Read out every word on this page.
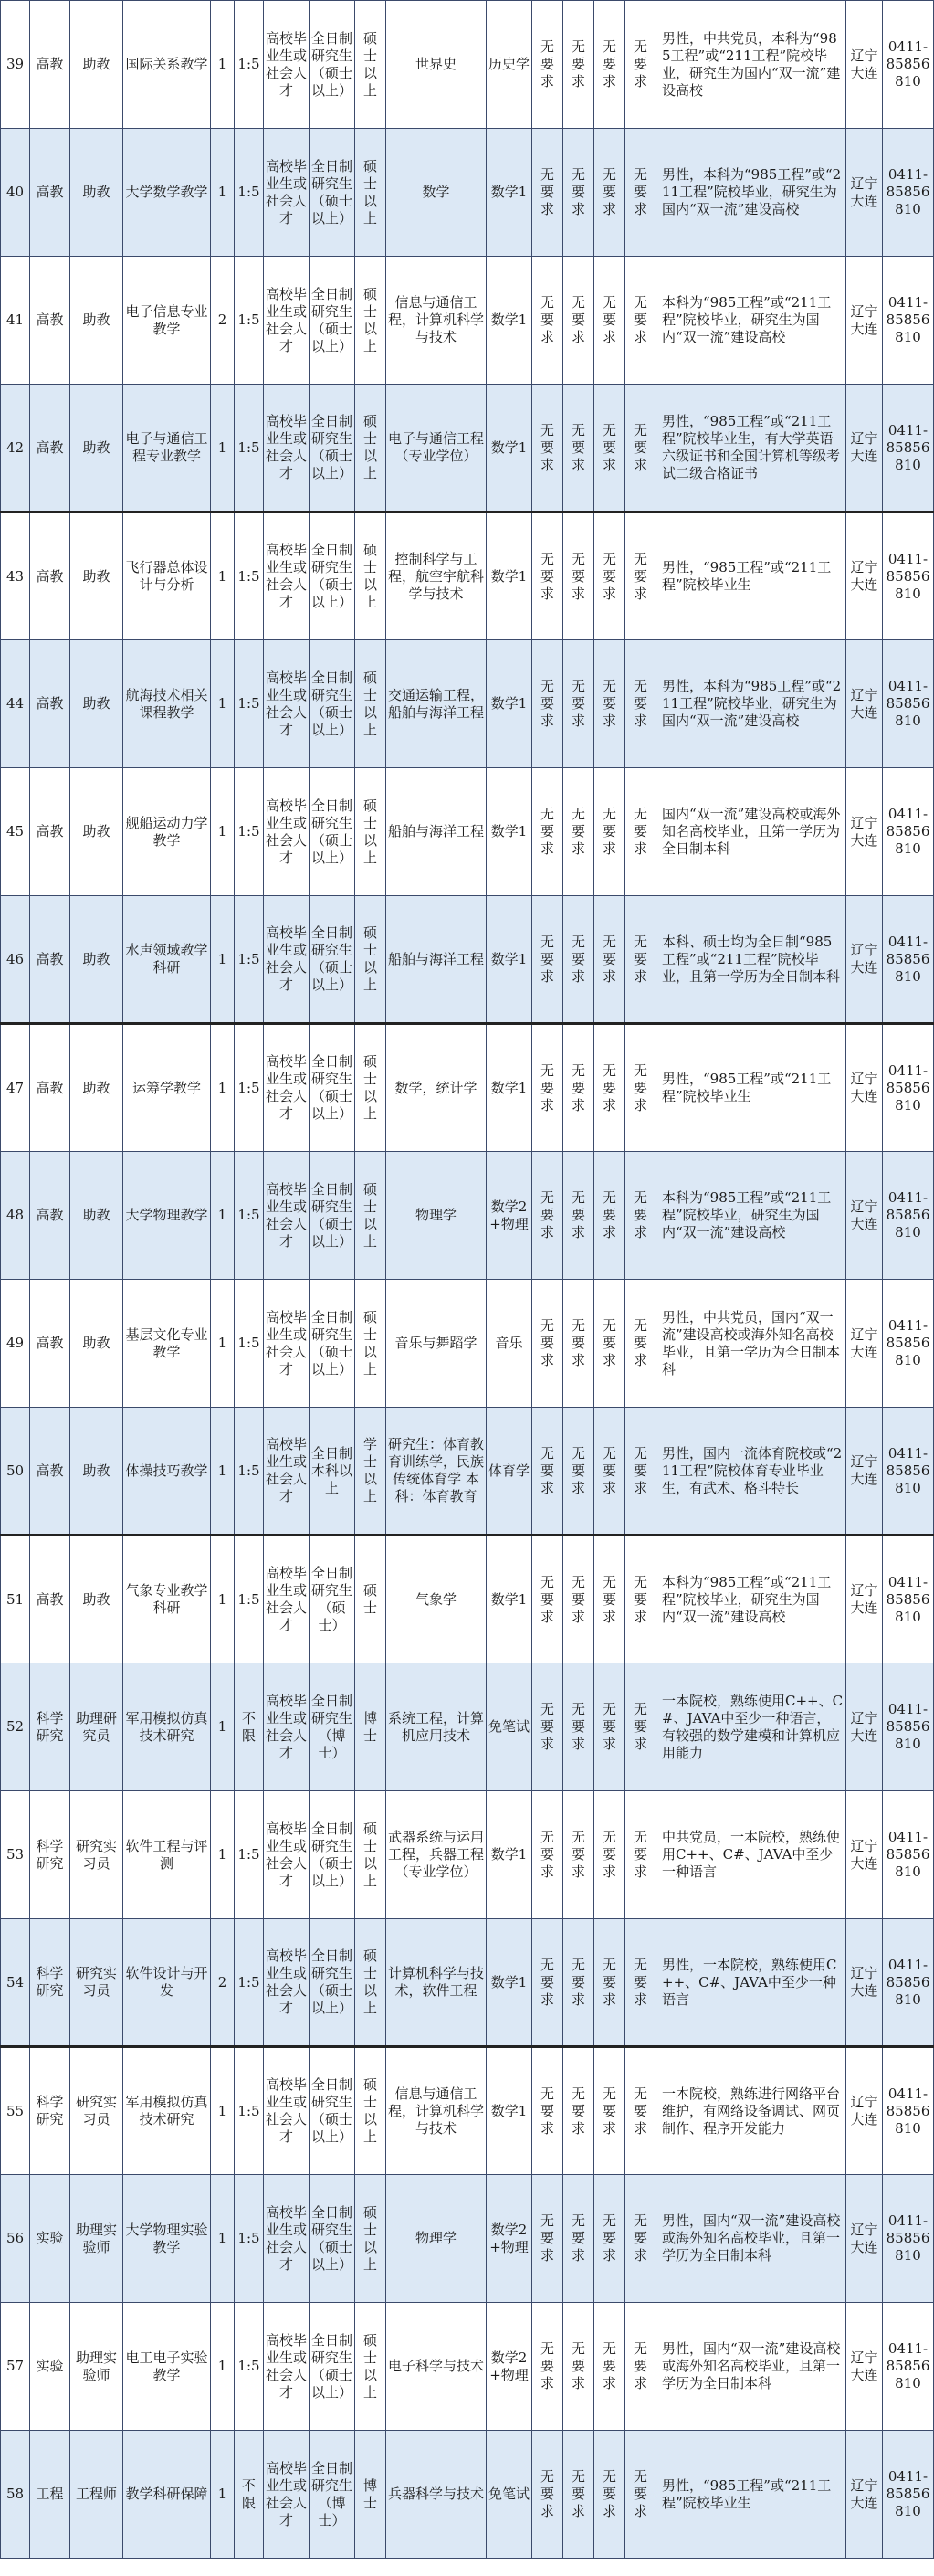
39	高教	助教	国际关系教学	1	1:5	高校毕业生或社会人才	全日制研究生（硕士以上）	硕士以上	世界史	历史学	无要求	无要求	无要求	无要求	男性，中共党员，本科为“985工程”或“211工程”院校毕业，研究生为国内“双一流”建设高校	辽宁大连	0411-85856810
40	高教	助教	大学数学教学	1	1:5	高校毕业生或社会人才	全日制研究生（硕士以上）	硕士以上	数学	数学1	无要求	无要求	无要求	无要求	男性，本科为“985工程”或“211工程”院校毕业，研究生为国内“双一流”建设高校	辽宁大连	0411-85856810
41	高教	助教	电子信息专业教学	2	1:5	高校毕业生或社会人才	全日制研究生（硕士以上）	硕士以上	信息与通信工程，计算机科学与技术	数学1	无要求	无要求	无要求	无要求	本科为“985工程”或“211工程”院校毕业，研究生为国内“双一流”建设高校	辽宁大连	0411-85856810
42	高教	助教	电子与通信工程专业教学	1	1:5	高校毕业生或社会人才	全日制研究生（硕士以上）	硕士以上	电子与通信工程（专业学位）	数学1	无要求	无要求	无要求	无要求	男性，“985工程”或“211工程”院校毕业生，有大学英语六级证书和全国计算机等级考试二级合格证书	辽宁大连	0411-85856810
43	高教	助教	飞行器总体设计与分析	1	1:5	高校毕业生或社会人才	全日制研究生（硕士以上）	硕士以上	控制科学与工程，航空宇航科学与技术	数学1	无要求	无要求	无要求	无要求	男性，“985工程”或“211工程”院校毕业生	辽宁大连	0411-85856810
44	高教	助教	航海技术相关课程教学	1	1:5	高校毕业生或社会人才	全日制研究生（硕士以上）	硕士以上	交通运输工程，船舶与海洋工程	数学1	无要求	无要求	无要求	无要求	男性，本科为“985工程”或“211工程”院校毕业，研究生为国内“双一流”建设高校	辽宁大连	0411-85856810
45	高教	助教	舰船运动力学教学	1	1:5	高校毕业生或社会人才	全日制研究生（硕士以上）	硕士以上	船舶与海洋工程	数学1	无要求	无要求	无要求	无要求	国内“双一流”建设高校或海外知名高校毕业，且第一学历为全日制本科	辽宁大连	0411-85856810
46	高教	助教	水声领域教学科研	1	1:5	高校毕业生或社会人才	全日制研究生（硕士以上）	硕士以上	船舶与海洋工程	数学1	无要求	无要求	无要求	无要求	本科、硕士均为全日制“985工程”或“211工程”院校毕业，且第一学历为全日制本科	辽宁大连	0411-85856810
47	高教	助教	运筹学教学	1	1:5	高校毕业生或社会人才	全日制研究生（硕士以上）	硕士以上	数学，统计学	数学1	无要求	无要求	无要求	无要求	男性，“985工程”或“211工程”院校毕业生	辽宁大连	0411-85856810
48	高教	助教	大学物理教学	1	1:5	高校毕业生或社会人才	全日制研究生（硕士以上）	硕士以上	物理学	数学2+物理	无要求	无要求	无要求	无要求	本科为“985工程”或“211工程”院校毕业，研究生为国内“双一流”建设高校	辽宁大连	0411-85856810
49	高教	助教	基层文化专业教学	1	1:5	高校毕业生或社会人才	全日制研究生（硕士以上）	硕士以上	音乐与舞蹈学	音乐	无要求	无要求	无要求	无要求	男性，中共党员，国内“双一流”建设高校或海外知名高校毕业，且第一学历为全日制本科	辽宁大连	0411-85856810
50	高教	助教	体操技巧教学	1	1:5	高校毕业生或社会人才	全日制本科以上	学士以上	研究生：体育教育训练学，民族传统体育学 本科：体育教育	体育学	无要求	无要求	无要求	无要求	男性，国内一流体育院校或“211工程”院校体育专业毕业生，有武术、格斗特长	辽宁大连	0411-85856810
51	高教	助教	气象专业教学科研	1	1:5	高校毕业生或社会人才	全日制研究生（硕士）	硕士	气象学	数学1	无要求	无要求	无要求	无要求	本科为“985工程”或“211工程”院校毕业，研究生为国内“双一流”建设高校	辽宁大连	0411-85856810
52	科学研究	助理研究员	军用模拟仿真技术研究	1	不限	高校毕业生或社会人才	全日制研究生（博士）	博士	系统工程，计算机应用技术	免笔试	无要求	无要求	无要求	无要求	一本院校，熟练使用C++、C#、JAVA中至少一种语言，有较强的数学建模和计算机应用能力	辽宁大连	0411-85856810
53	科学研究	研究实习员	软件工程与评测	1	1:5	高校毕业生或社会人才	全日制研究生（硕士以上）	硕士以上	武器系统与运用工程，兵器工程（专业学位）	数学1	无要求	无要求	无要求	无要求	中共党员，一本院校，熟练使用C++、C#、JAVA中至少一种语言	辽宁大连	0411-85856810
54	科学研究	研究实习员	软件设计与开发	2	1:5	高校毕业生或社会人才	全日制研究生（硕士以上）	硕士以上	计算机科学与技术，软件工程	数学1	无要求	无要求	无要求	无要求	男性，一本院校，熟练使用C++、C#、JAVA中至少一种语言	辽宁大连	0411-85856810
55	科学研究	研究实习员	军用模拟仿真技术研究	1	1:5	高校毕业生或社会人才	全日制研究生（硕士以上）	硕士以上	信息与通信工程，计算机科学与技术	数学1	无要求	无要求	无要求	无要求	一本院校，熟练进行网络平台维护，有网络设备调试、网页制作、程序开发能力	辽宁大连	0411-85856810
56	实验	助理实验师	大学物理实验教学	1	1:5	高校毕业生或社会人才	全日制研究生（硕士以上）	硕士以上	物理学	数学2+物理	无要求	无要求	无要求	无要求	男性，国内“双一流”建设高校或海外知名高校毕业，且第一学历为全日制本科	辽宁大连	0411-85856810
57	实验	助理实验师	电工电子实验教学	1	1:5	高校毕业生或社会人才	全日制研究生（硕士以上）	硕士以上	电子科学与技术	数学2+物理	无要求	无要求	无要求	无要求	男性，国内“双一流”建设高校或海外知名高校毕业，且第一学历为全日制本科	辽宁大连	0411-85856810
58	工程	工程师	教学科研保障	1	不限	高校毕业生或社会人才	全日制研究生（博士）	博士	兵器科学与技术	免笔试	无要求	无要求	无要求	无要求	男性，“985工程”或“211工程”院校毕业生	辽宁大连	0411-85856810
